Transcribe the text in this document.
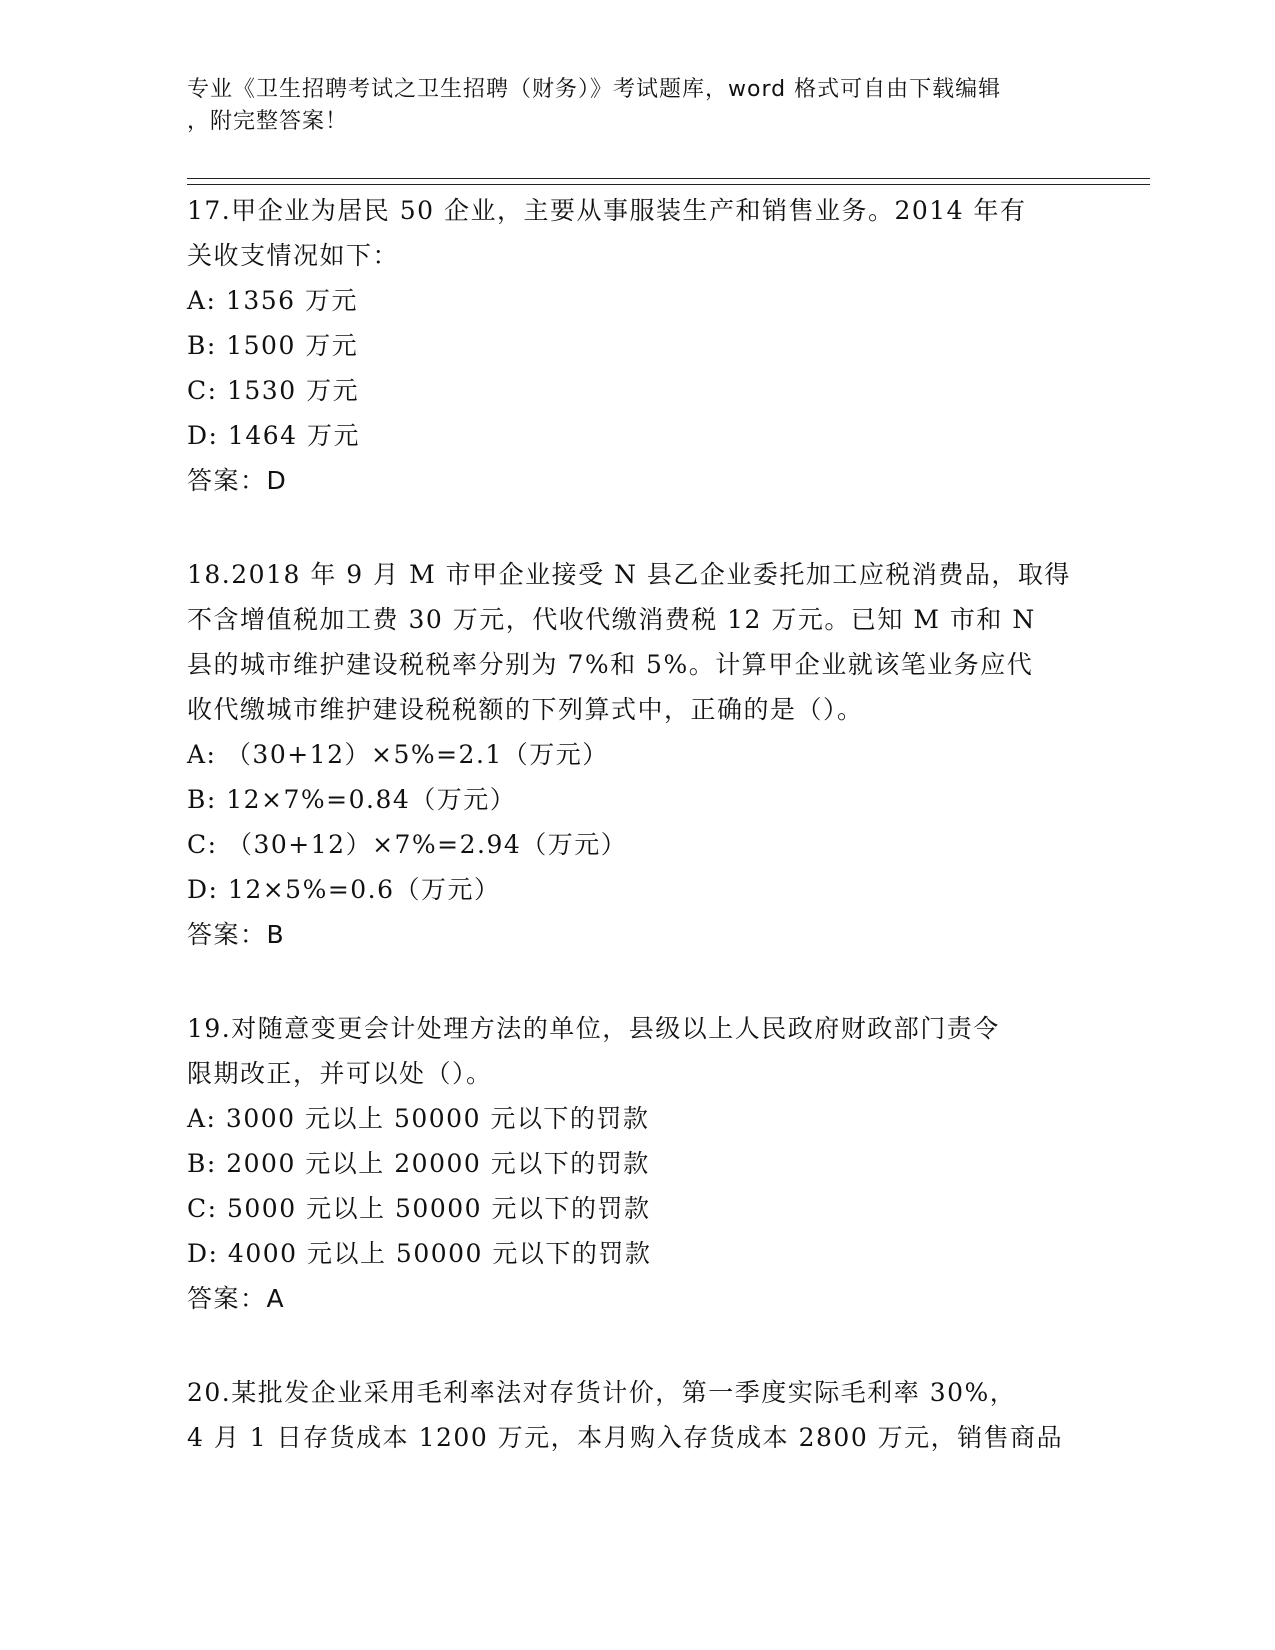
专业《卫生招聘考试之卫生招聘（财务）》考试题库，word 格式可自由下载编辑
，附完整答案！
17.甲企业为居民 50 企业，主要从事服装生产和销售业务。2014 年有
关收支情况如下：
A: 1356 万元
B: 1500 万元
C: 1530 万元
D: 1464 万元
答案：D
18.2018 年 9 月 M 市甲企业接受 N 县乙企业委托加工应税消费品，取得
不含增值税加工费 30 万元，代收代缴消费税 12 万元。已知 M 市和 N
县的城市维护建设税税率分别为 7%和 5%。计算甲企业就该笔业务应代
收代缴城市维护建设税税额的下列算式中，正确的是（）。
A: （30+12）×5%=2.1（万元）
B: 12×7%=0.84（万元）
C: （30+12）×7%=2.94（万元）
D: 12×5%=0.6（万元）
答案：B
19.对随意变更会计处理方法的单位，县级以上人民政府财政部门责令
限期改正，并可以处（）。
A: 3000 元以上 50000 元以下的罚款
B: 2000 元以上 20000 元以下的罚款
C: 5000 元以上 50000 元以下的罚款
D: 4000 元以上 50000 元以下的罚款
答案：A
20.某批发企业采用毛利率法对存货计价，第一季度实际毛利率 30%，
4 月 1 日存货成本 1200 万元，本月购入存货成本 2800 万元，销售商品
